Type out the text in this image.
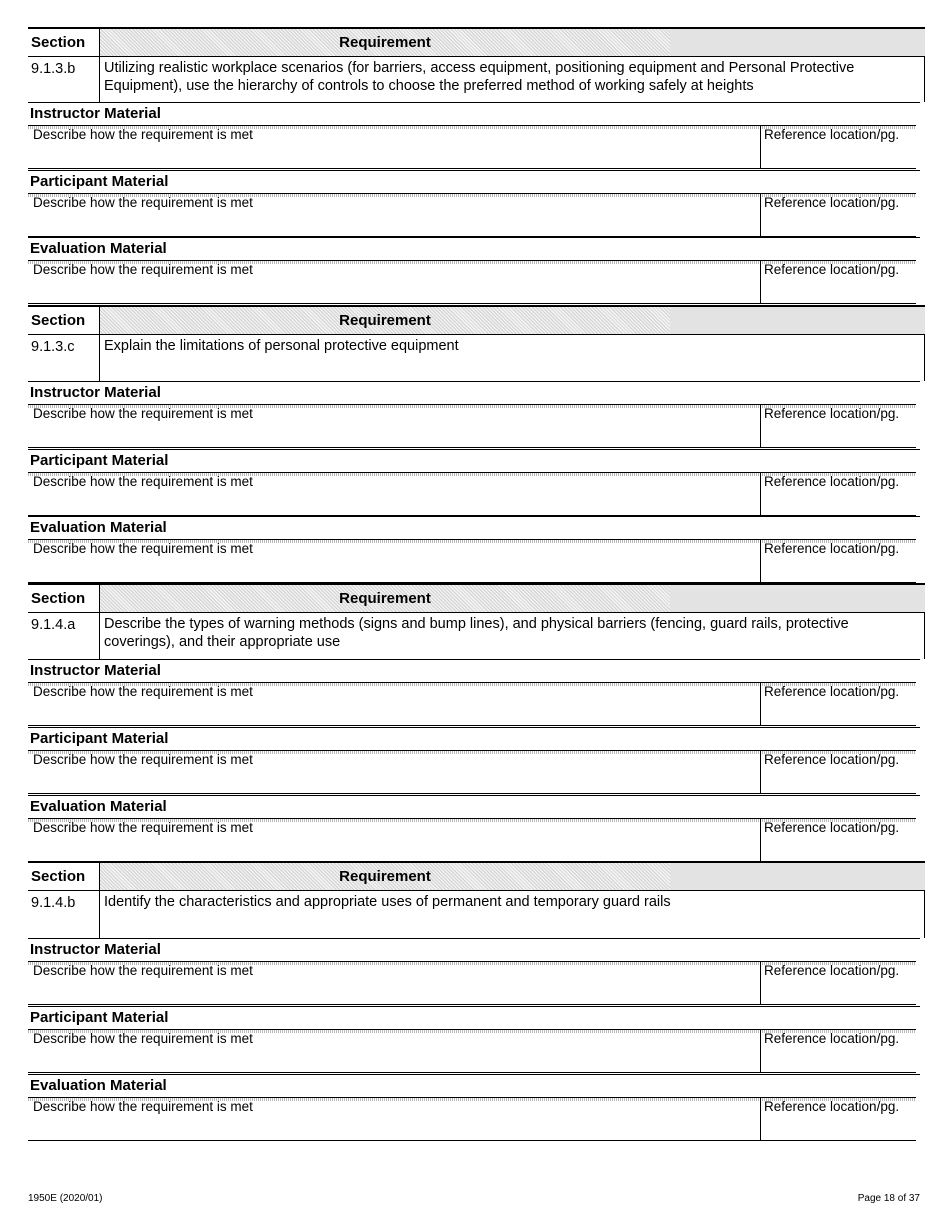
Section	Requirement
9.1.3.b Utilizing realistic workplace scenarios (for barriers, access equipment, positioning equipment and Personal Protective Equipment), use the hierarchy of controls to choose the preferred method of working safely at heights
Instructor Material
Describe how the requirement is met	Reference location/pg.
Participant Material
Describe how the requirement is met	Reference location/pg.
Evaluation Material
Describe how the requirement is met	Reference location/pg.
Section	Requirement
9.1.3.c Explain the limitations of personal protective equipment
Instructor Material
Describe how the requirement is met	Reference location/pg.
Participant Material
Describe how the requirement is met	Reference location/pg.
Evaluation Material
Describe how the requirement is met	Reference location/pg.
Section	Requirement
9.1.4.a Describe the types of warning methods (signs and bump lines), and physical barriers (fencing, guard rails, protective coverings), and their appropriate use
Instructor Material
Describe how the requirement is met	Reference location/pg.
Participant Material
Describe how the requirement is met	Reference location/pg.
Evaluation Material
Describe how the requirement is met	Reference location/pg.
Section	Requirement
9.1.4.b Identify the characteristics and appropriate uses of permanent and temporary guard rails
Instructor Material
Describe how the requirement is met	Reference location/pg.
Participant Material
Describe how the requirement is met	Reference location/pg.
Evaluation Material
Describe how the requirement is met	Reference location/pg.
1950E (2020/01)	Page 18 of 37
